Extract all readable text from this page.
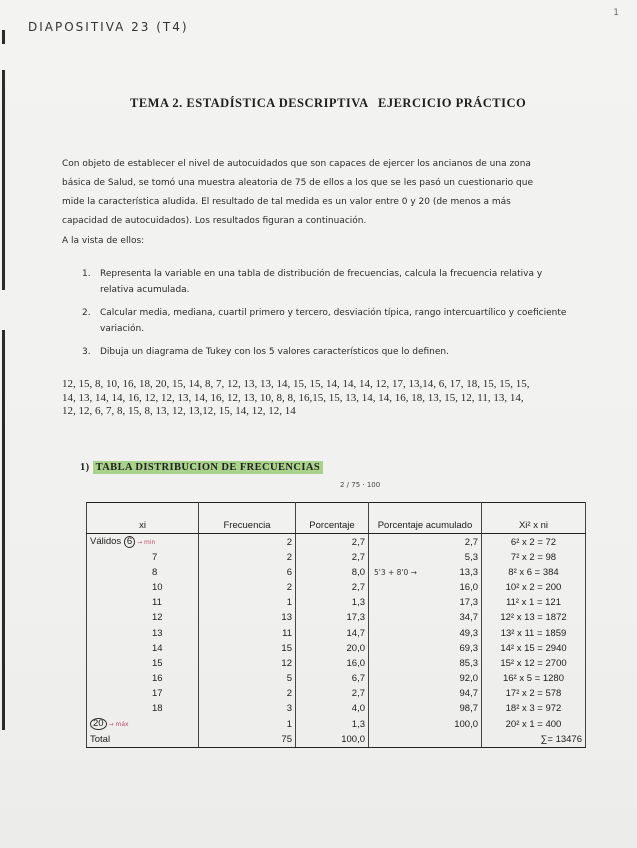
DIAPOSITIVA 23 (T4)
1
TEMA 2. ESTADÍSTICA DESCRIPTIVA EJERCICIO PRÁCTICO

Con objeto de establecer el nivel de autocuidados que son capaces de ejercer los ancianos de una zona

básica de Salud, se tomó una muestra aleatoria de 75 de ellos a los que se les pasó un cuestionario que

mide la característica aludida. El resultado de tal medida es un valor entre 0 y 20 (de menos a más

capacidad de autocuidados). Los resultados figuran a continuación.

A la vista de ellos:

1. Representa la variable en una tabla de distribución de frecuencias, calcula la frecuencia relativa y relativa acumulada.
2. Calcular media, mediana, cuartil primero y tercero, desviación típica, rango intercuartílico y coeficiente variación.
3. Dibuja un diagrama de Tukey con los 5 valores característicos que lo definen.
12, 15, 8, 10, 16, 18, 20, 15, 14, 8, 7, 12, 13, 13, 14, 15, 15, 14, 14, 14, 12, 17, 13,14, 6, 17, 18, 15, 15, 15,
14, 13, 14, 14, 16, 12, 12, 13, 14, 16, 12, 13, 10, 8, 8, 16,15, 15, 13, 14, 14, 16, 18, 13, 15, 12, 11, 13, 14,
12, 12, 6, 7, 8, 15, 8, 13, 12, 13,12, 15, 14, 12, 12, 14
1) TABLA DISTRIBUCION DE FRECUENCIAS
2 / 75 · 100
xi	Frecuencia	Porcentaje	Porcentaje acumulado	Xi² x ni
Válidos 6 → min	2	2,7	2,7	6² x 2 = 72
7	2	2,7	5,3	7² x 2 = 98
8	6	8,0	5'3 + 8'0 → 13,3	8² x 6 = 384
10	2	2,7	16,0	10² x 2 = 200
11	1	1,3	17,3	11² x 1 = 121
12	13	17,3	34,7	12² x 13 = 1872
13	11	14,7	49,3	13² x 11 = 1859
14	15	20,0	69,3	14² x 15 = 2940
15	12	16,0	85,3	15² x 12 = 2700
16	5	6,7	92,0	16² x 5 = 1280
17	2	2,7	94,7	17² x 2 = 578
18	3	4,0	98,7	18² x 3 = 972
20 → máx	1	1,3	100,0	20² x 1 = 400
Total	75	100,0		∑= 13476
